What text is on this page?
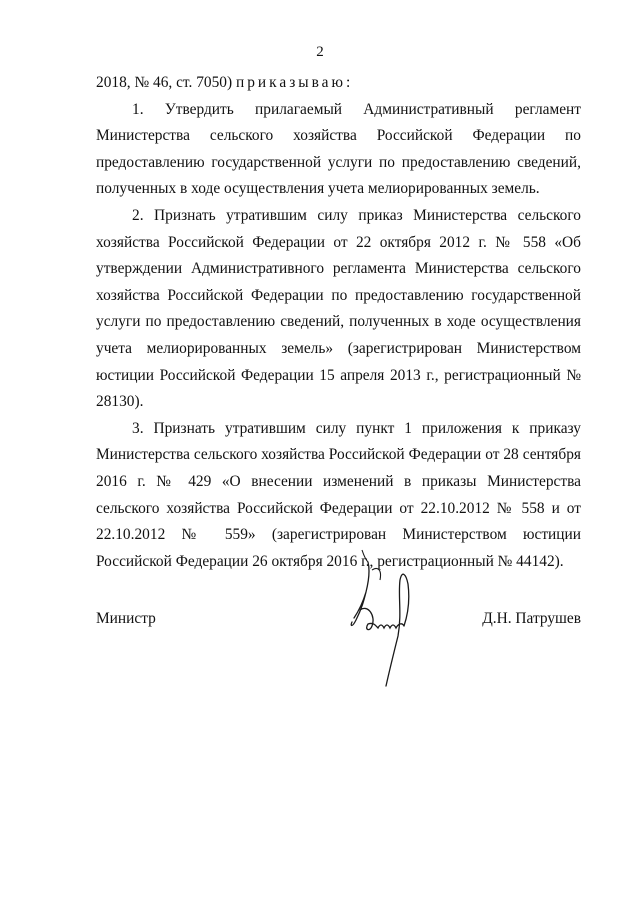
2

2018, № 46, ст. 7050) приказываю:

1. Утвердить прилагаемый Административный регламент Министерства сельского хозяйства Российской Федерации по предоставлению государственной услуги по предоставлению сведений, полученных в ходе осуществления учета мелиорированных земель.

2. Признать утратившим силу приказ Министерства сельского хозяйства Российской Федерации от 22 октября 2012 г. № 558 «Об утверждении Административного регламента Министерства сельского хозяйства Российской Федерации по предоставлению государственной услуги по предоставлению сведений, полученных в ходе осуществления учета мелиорированных земель» (зарегистрирован Министерством юстиции Российской Федерации 15 апреля 2013 г., регистрационный № 28130).

3. Признать утратившим силу пункт 1 приложения к приказу Министерства сельского хозяйства Российской Федерации от 28 сентября 2016 г. № 429 «О внесении изменений в приказы Министерства сельского хозяйства Российской Федерации от 22.10.2012 № 558 и от 22.10.2012 № 559» (зарегистрирован Министерством юстиции Российской Федерации 26 октября 2016 г., регистрационный № 44142).

Министр	Д.Н. Патрушев
